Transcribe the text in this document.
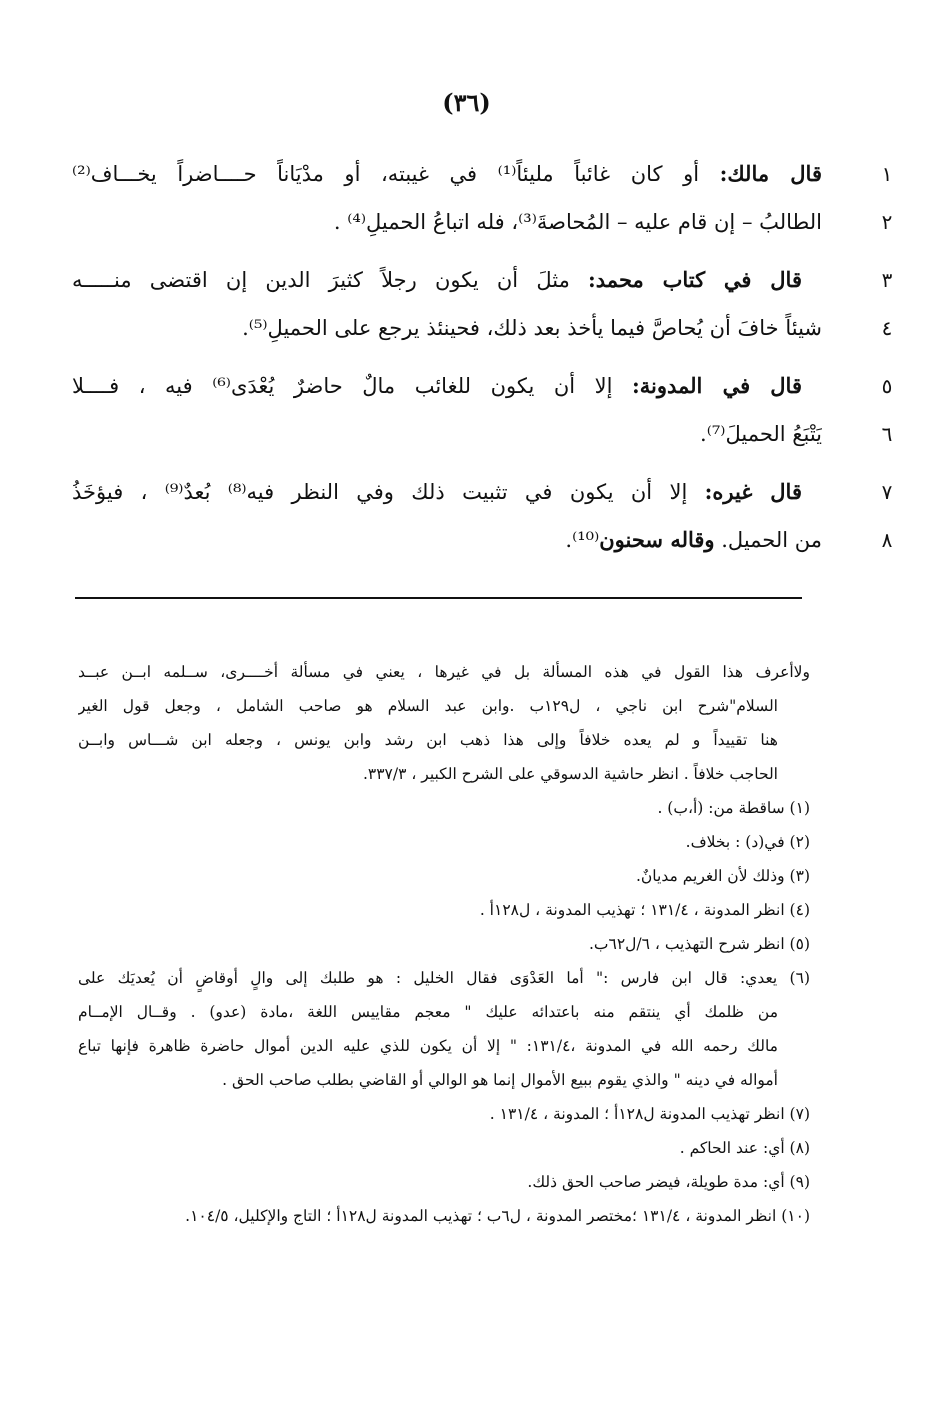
(٣٦)
١
قال مالك: أو كان غائباً مليئاً⁽¹⁾ في غيبته، أو مدْيَاناً حــــاضراً يخـــاف⁽²⁾
٢
الطالبُ – إن قام عليه – المُحاصةَ⁽³⁾، فله اتباعُ الحميلِ⁽⁴⁾ .
٣
قال في كتاب محمد: مثلَ أن يكون رجلاً كثيرَ الدين إن اقتضى منـــــه
٤
شيئاً خافَ أن يُحاصَّ فيما يأخذ بعد ذلك، فحينئذ يرجع على الحميلِ⁽⁵⁾.
٥
قال في المدونة: إلا أن يكون للغائب مالٌ حاضرٌ يُعْدَى⁽⁶⁾ فيه ، فــــلا
٦
يَتْبَعُ الحميلَ⁽⁷⁾.
٧
قال غيره: إلا أن يكون في تثبيت ذلك وفي النظر فيه⁽⁸⁾ بُعدٌ⁽⁹⁾ ، فيؤخَذُ
٨
من الحميل. وقاله سحنون⁽¹⁰⁾.
ولاأعرف هذا القول في هذه المسألة بل في غيرها ، يعني في مسألة أخــــرى، ســلمه ابــن عبــد
السلام"شرح ابن ناجي ، ل١٢٩ب .وابن عبد السلام هو صاحب الشامل ، وجعل قول الغير
هنا تقييداً و لم يعده خلافاً وإلى هذا ذهب ابن رشد وابن يونس ، وجعله ابن شـــاس وابــن
الحاجب خلافاً . انظر حاشية الدسوقي على الشرح الكبير ، ٣٣٧/٣.
(١) ساقطة من: (أ،ب) .
(٢) في(د) : بخلاف.
(٣) وذلك لأن الغريم مديانٌ.
(٤) انظر المدونة ، ١٣١/٤ ؛ تهذيب المدونة ، ل١٢٨أ .
(٥) انظر شرح التهذيب ، ٦/ل٦٢ب.
(٦) يعدي: قال ابن فارس :" أما العَدْوَى فقال الخليل : هو طلبك إلى والٍ أوقاضٍ أن يُعديَك على
من ظلمك أي ينتقم منه باعتدائه عليك " معجم مقاييس اللغة ،مادة (عدو) . وقــال الإمــام
مالك رحمه الله في المدونة ،١٣١/٤: " إلا أن يكون للذي عليه الدين أموال حاضرة ظاهرة فإنها تباع
أمواله في دينه " والذي يقوم ببيع الأموال إنما هو الوالي أو القاضي بطلب صاحب الحق .
(٧) انظر تهذيب المدونة ل١٢٨أ ؛ المدونة ، ١٣١/٤ .
(٨) أي: عند الحاكم .
(٩) أي: مدة طويلة، فيضر صاحب الحق ذلك.
(١٠) انظر المدونة ، ١٣١/٤ ؛مختصر المدونة ، ل٦ب ؛ تهذيب المدونة ل١٢٨أ ؛ التاج والإكليل، ١٠٤/٥.
